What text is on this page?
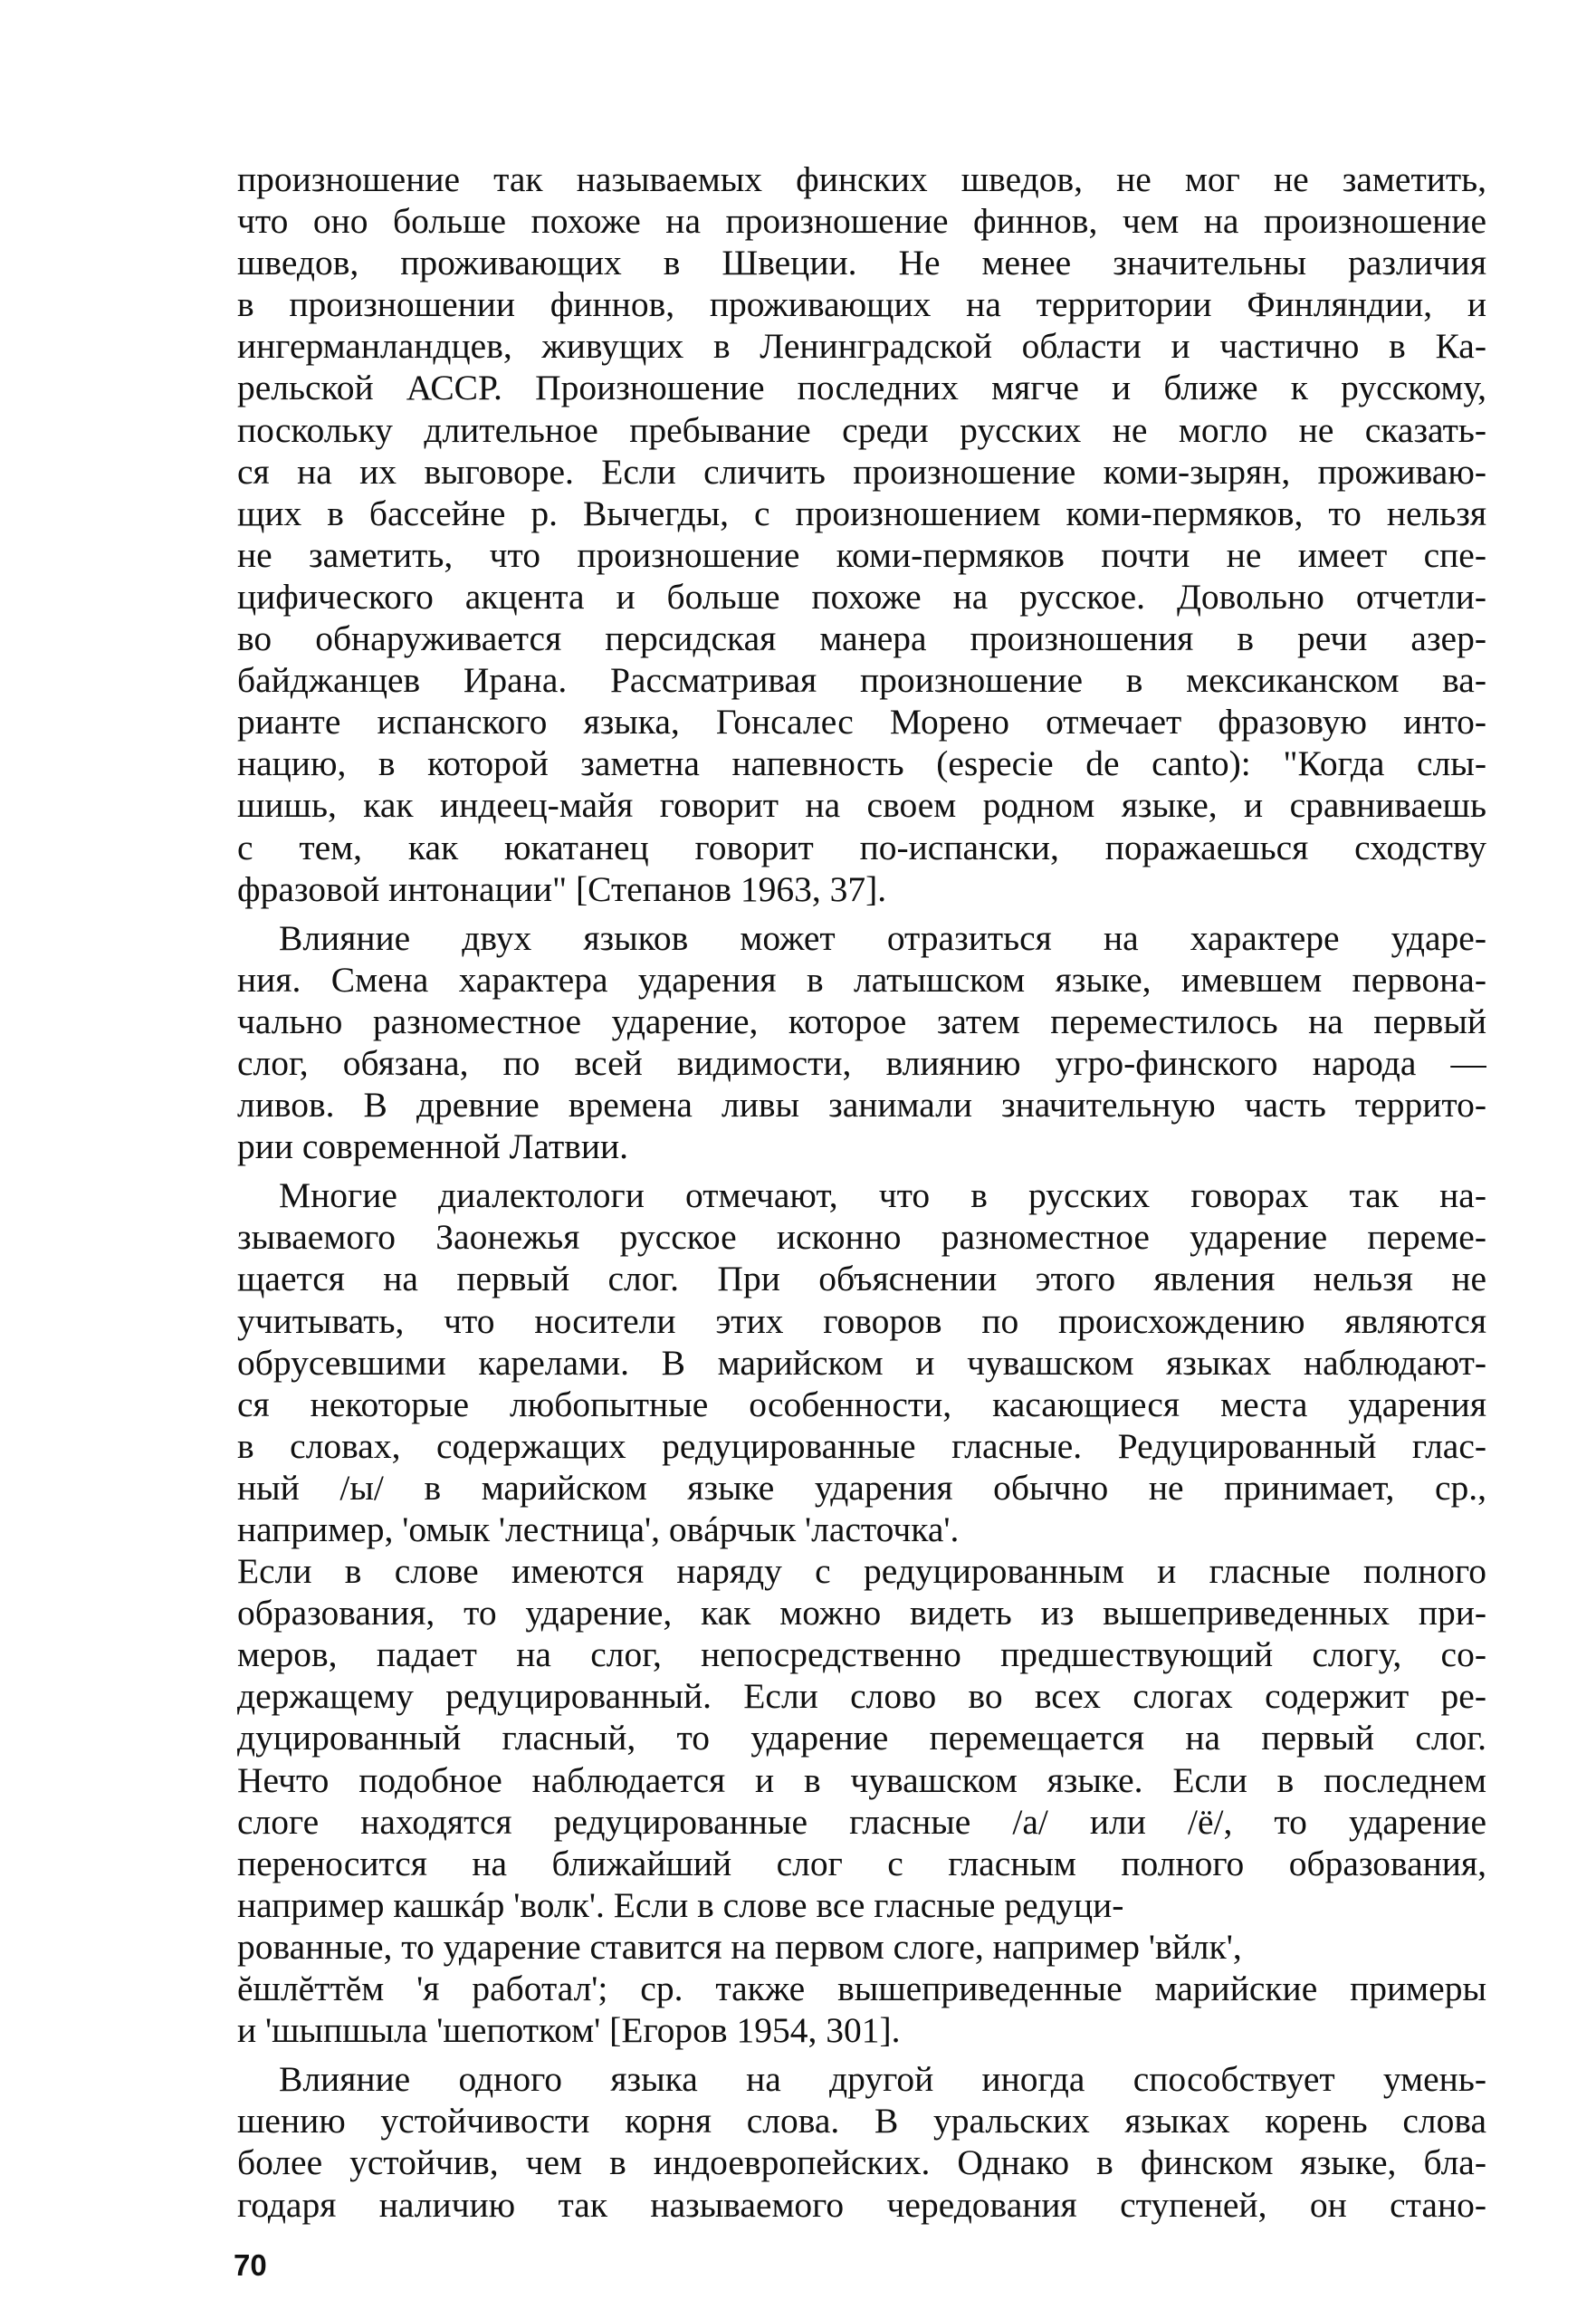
произношение так называемых финских шведов, не мог не заметить,
что оно больше похоже на произношение финнов, чем на произношение
шведов, проживающих в Швеции. Не менее значительны различия
в произношении финнов, проживающих на территории Финляндии, и
ингерманландцев, живущих в Ленинградской области и частично в Ка-
рельской АССР. Произношение последних мягче и ближе к русскому,
поскольку длительное пребывание среди русских не могло не сказать-
ся на их выговоре. Если сличить произношение коми-зырян, проживаю-
щих в бассейне р. Вычегды, с произношением коми-пермяков, то нельзя
не заметить, что произношение коми-пермяков почти не имеет спе-
цифического акцента и больше похоже на русское. Довольно отчетли-
во обнаруживается персидская манера произношения в речи азер-
байджанцев Ирана. Рассматривая произношение в мексиканском ва-
рианте испанского языка, Гонсалес Морено отмечает фразовую инто-
нацию, в которой заметна напевность (especie de canto): "Когда слы-
шишь, как индеец-майя говорит на своем родном языке, и сравниваешь
с тем, как юкатанец говорит по-испански, поражаешься сходству
фразовой интонации" [Степанов 1963, 37].
Влияние двух языков может отразиться на характере ударе-
ния. Смена характера ударения в латышском языке, имевшем первона-
чально разноместное ударение, которое затем переместилось на первый
слог, обязана, по всей видимости, влиянию угро-финского народа —
ливов. В древние времена ливы занимали значительную часть террито-
рии современной Латвии.
Многие диалектологи отмечают, что в русских говорах так на-
зываемого Заонежья русское исконно разноместное ударение переме-
щается на первый слог. При объяснении этого явления нельзя не
учитывать, что носители этих говоров по происхождению являются
обрусевшими карелами. В марийском и чувашском языках наблюдают-
ся некоторые любопытные особенности, касающиеся места ударения
в словах, содержащих редуцированные гласные. Редуцированный глас-
ный /ы/ в марийском языке ударения обычно не принимает, ср.,
например, 'омык 'лестница', овáрчык 'ласточка'.
Если в слове имеются наряду с редуцированным и гласные полного
образования, то ударение, как можно видеть из вышеприведенных при-
меров, падает на слог, непосредственно предшествующий слогу, со-
держащему редуцированный. Если слово во всех слогах содержит ре-
дуцированный гласный, то ударение перемещается на первый слог.
Нечто подобное наблюдается и в чувашском языке. Если в последнем
слоге находятся редуцированные гласные /а/ или /ё/, то ударение
переносится на ближайший слог с гласным полного образования,
например кашкáр 'волк'. Если в слове все гласные редуци-
рованные, то ударение ставится на первом слоге, например 'вйлк',
ĕшлĕттĕм 'я работал'; ср. также вышеприведенные марийские примеры
и 'шыпшыла 'шепотком' [Егоров 1954, 301].
Влияние одного языка на другой иногда способствует умень-
шению устойчивости корня слова. В уральских языках корень слова
более устойчив, чем в индоевропейских. Однако в финском языке, бла-
годаря наличию так называемого чередования ступеней, он стано-
70
